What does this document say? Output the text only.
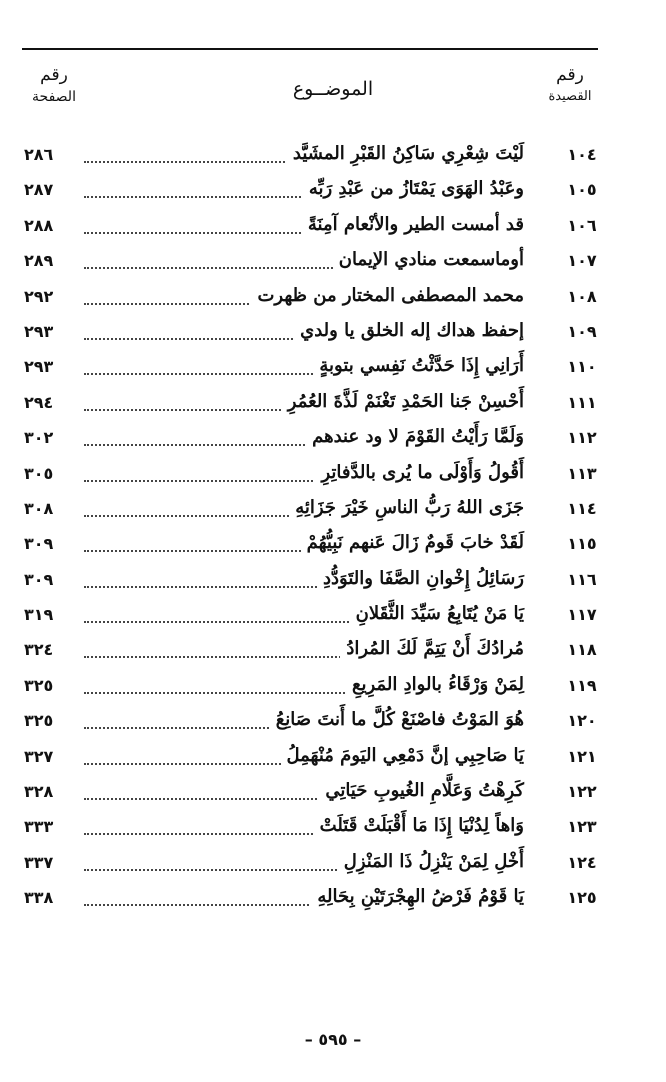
رقم
القصيدة
الموضــوع
رقم
الصفحة
١٠٤
لَيْتَ شِعْرِي سَاكِنُ القَبْرِ المشَيَّد
٢٨٦
١٠٥
وعَبْدُ الهَوَى يَمْتَازُ من عَبْدِ رَبِّه
٢٨٧
١٠٦
قد أمست الطير والأنْعام آمِنَةً
٢٨٨
١٠٧
أوماسمعت منادي الإيمان
٢٨٩
١٠٨
محمد المصطفى المختار من ظهرت
٢٩٢
١٠٩
إحفظ هداك إله الخلق يا ولدي
٢٩٣
١١٠
أَرَانِي إِذَا حَدَّثْتُ نَفِسي بتوبةٍ
٢٩٣
١١١
أَحْسِنْ جَنا الحَمْدِ تَغْنَمْ لَذَّةَ العُمُرِ
٢٩٤
١١٢
وَلَمَّا رَأَيْتُ القَوْمَ لا ود عندهم
٣٠٢
١١٣
أَقُولُ وَأَوْلَى ما يُرى بالدَّفاتِرِ
٣٠٥
١١٤
جَزَى اللهُ رَبُّ الناسِ خَيْرَ جَزَائِهِ
٣٠٨
١١٥
لَقَدْ خابَ قَومٌ زَالَ عَنهم نَبِيُّهُمْ
٣٠٩
١١٦
رَسَائِلُ إِخْوانِ الصَّفَا والتَوَدُّدِ
٣٠٩
١١٧
يَا مَنْ يُتَابِعُ سَيِّدَ الثَّقَلانِ
٣١٩
١١٨
مُرادُكَ أَنْ يَتِمَّ لَكَ المُرادُ
٣٢٤
١١٩
لِمَنْ وَرْقَاءُ بالوادِ المَرِيعِ
٣٢٥
١٢٠
هُوَ المَوْتُ فاصْنَعْ كُلَّ ما أَنتَ صَانِعُ
٣٢٥
١٢١
يَا صَاحِبِي إنَّ دَمْعِي اليَومَ مُنْهَمِلُ
٣٢٧
١٢٢
كَرِهْتُ وَعَلَّامِ الغُيوبِ حَيَاتِي
٣٢٨
١٢٣
وَاهاً لِدُنْيَا إِذَا مَا أَقْبَلَتْ قَتَلَتْ
٣٣٣
١٢٤
أَخْلِ لِمَنْ يَنْزِلُ ذَا المَنْزِلِ
٣٣٧
١٢٥
يَا قَوْمُ فَرْضُ الهِجْرَتَيْنِ بِحَالِهِ
٣٣٨
– ٥٩٥ –
